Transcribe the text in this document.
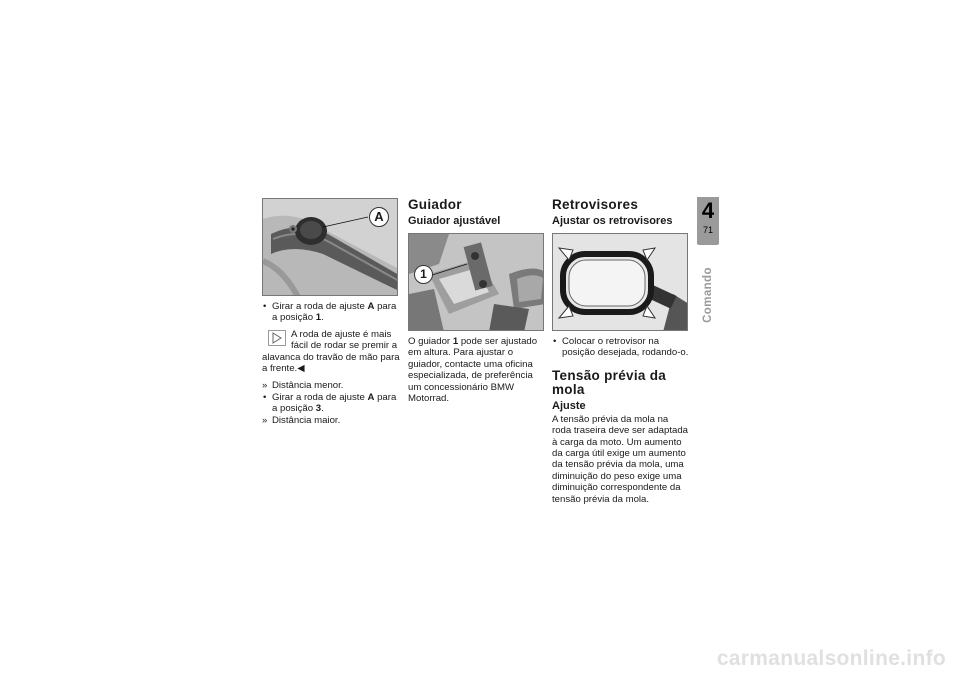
A

• Girar a roda de ajuste A para a posição 1.

A roda de ajuste é mais fácil de rodar se premir a alavanca do travão de mão para a frente.◀

» Distância menor.

• Girar a roda de ajuste A para a posição 3.

» Distância maior.

Guiador
Guiador ajustável
1

O guiador 1 pode ser ajustado em altura. Para ajustar o guiador, contacte uma oficina especializada, de preferência um concessionário BMW Motorrad.

Retrovisores
Ajustar os retrovisores

• Colocar o retrovisor na posição desejada, rodando-o.

Tensão prévia da mola
Ajuste

A tensão prévia da mola na roda traseira deve ser adaptada à carga da moto. Um aumento da carga útil exige um aumento da tensão prévia da mola, uma diminuição do peso exige uma diminuição correspondente da tensão prévia da mola.

4
71
Comando
carmanualsonline.info
